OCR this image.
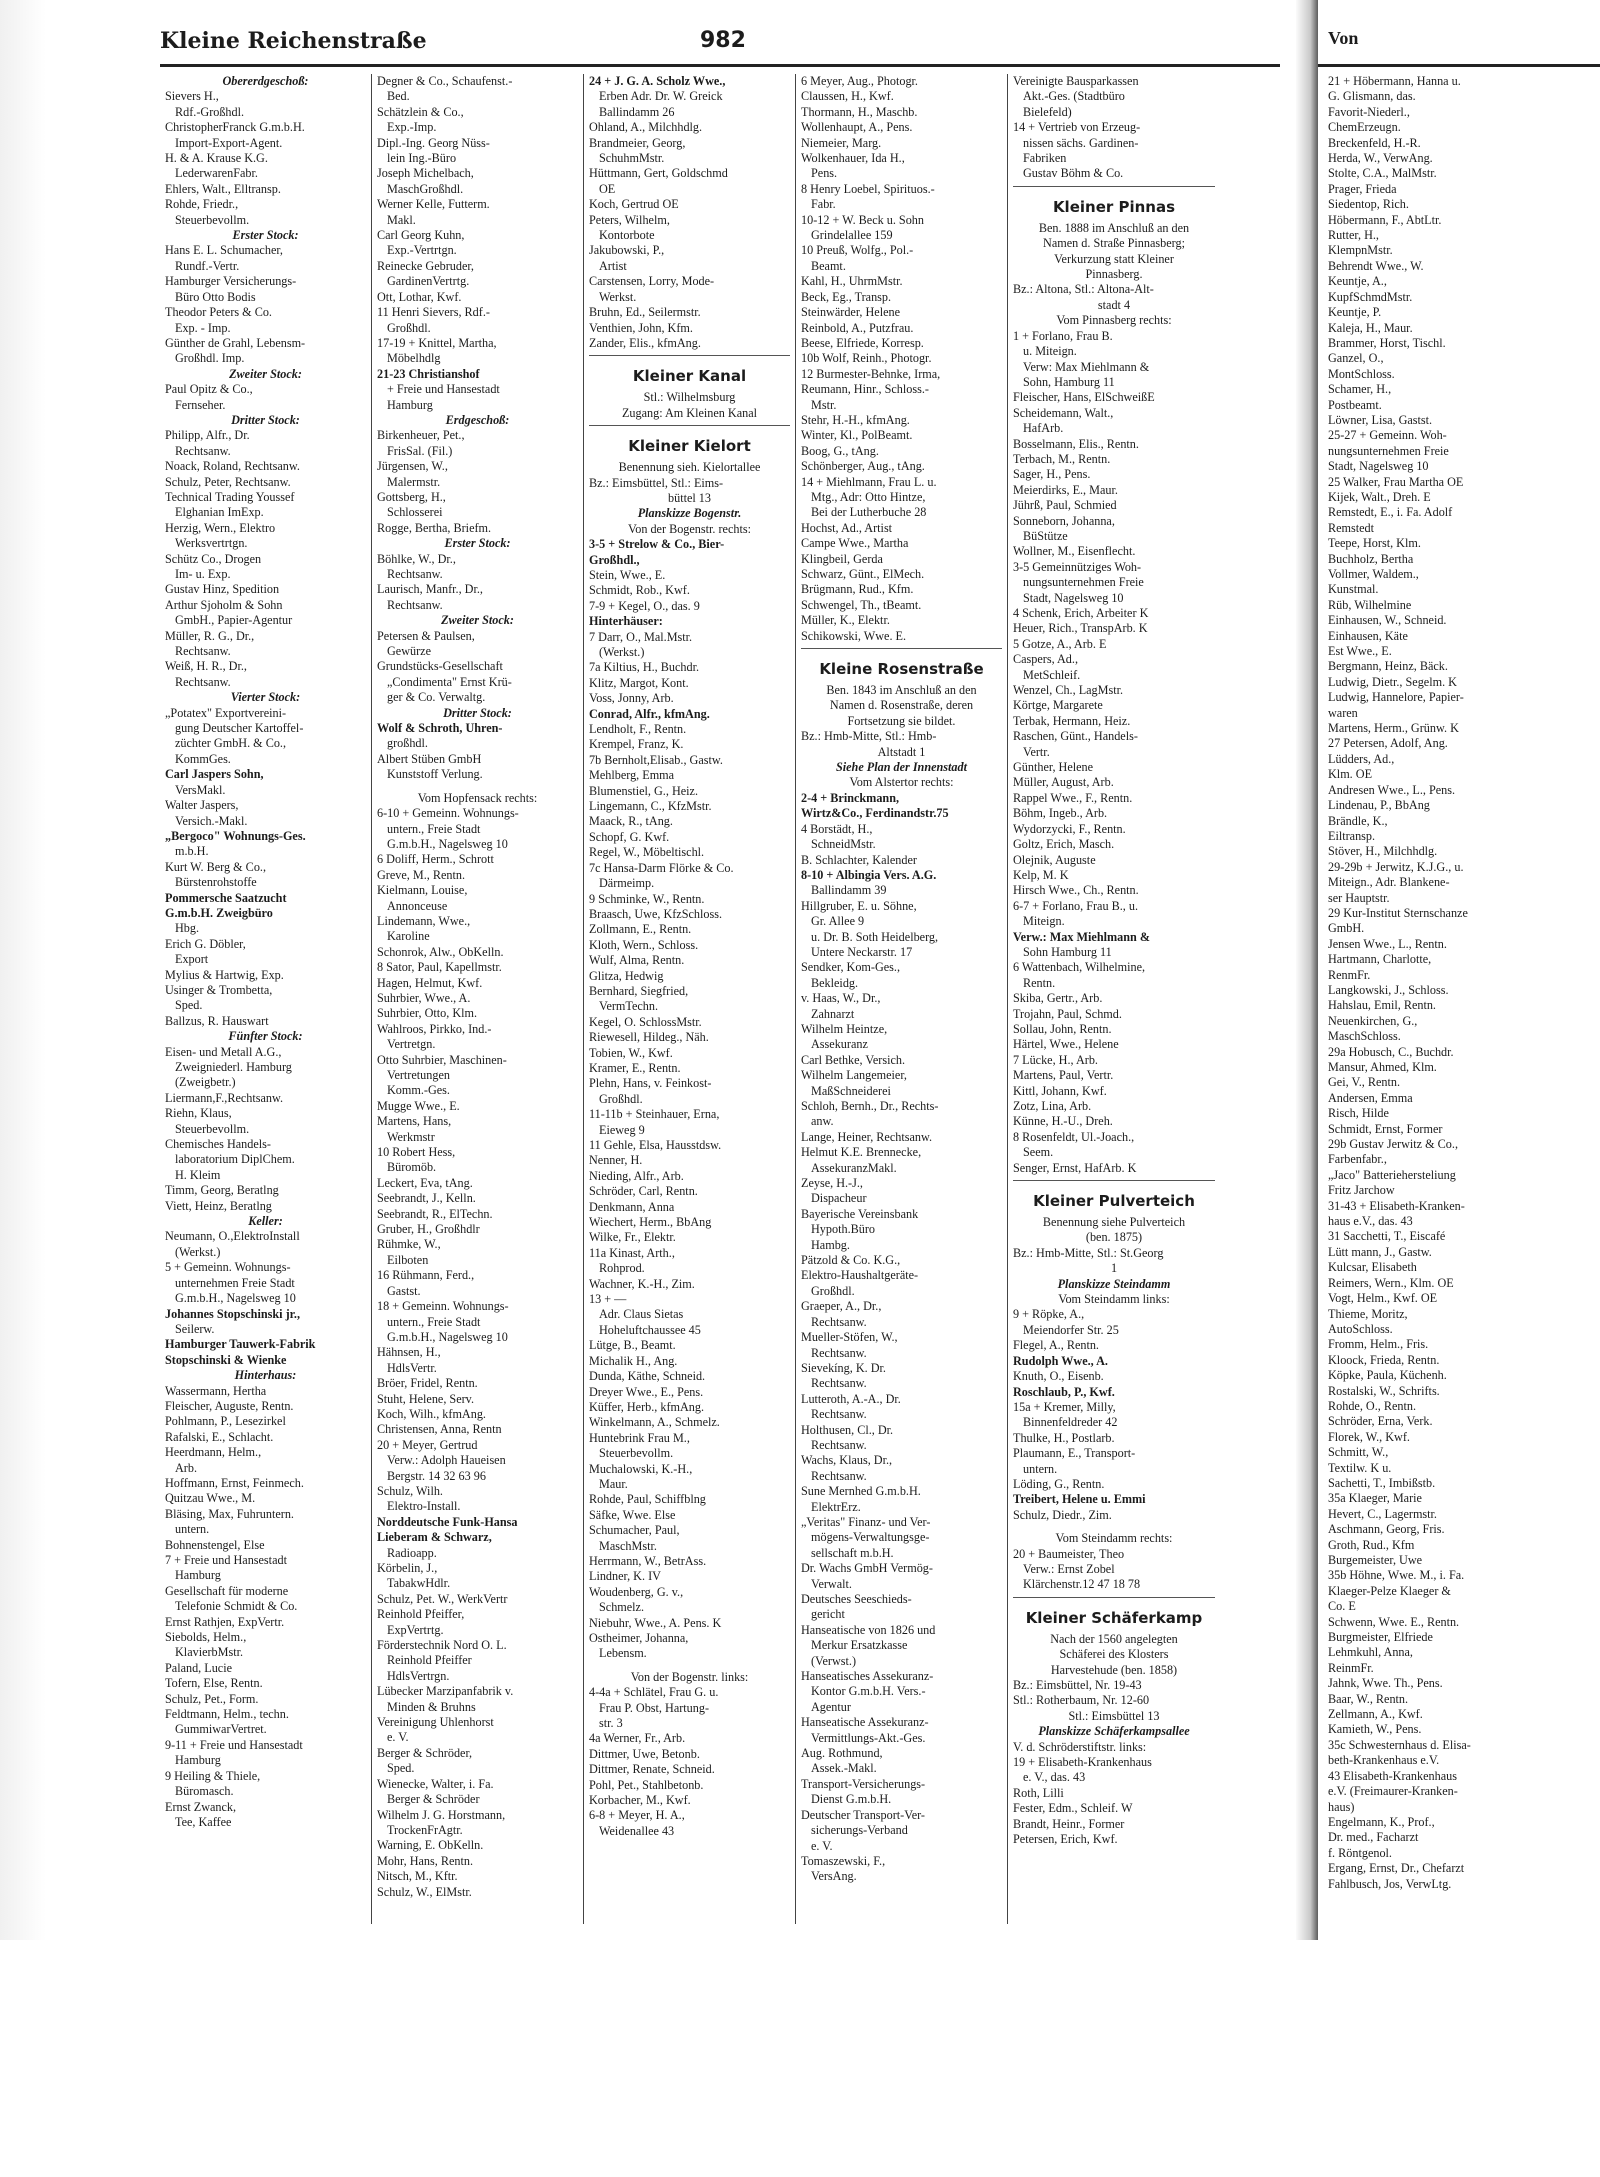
Kleine Reichenstraße	982
Obererdgeschoß:
Sievers H.,
Rdf.-Großhdl.
ChristopherFranck G.m.b.H.
Import-Export-Agent.
H. & A. Krause K.G.
LederwarenFabr.
Ehlers, Walt., Elltransp.
Rohde, Friedr.,
Steuerbevollm.
Erster Stock:
Hans E. L. Schumacher,
Rundf.-Vertr.
Hamburger Versicherungs-
Büro Otto Bodis
Theodor Peters & Co.
Exp. - Imp.
Günther de Grahl, Lebensm-
Großhdl. Imp.
Zweiter Stock:
Paul Opitz & Co.,
Fernseher.
Dritter Stock:
Philipp, Alfr., Dr.
Rechtsanw.
Noack, Roland, Rechtsanw.
Schulz, Peter, Rechtsanw.
Technical Trading Youssef
Elghanian ImExp.
Herzig, Wern., Elektro
Werksvertrtgn.
Schütz Co., Drogen
Im- u. Exp.
Gustav Hinz, Spedition
Arthur Sjoholm & Sohn
GmbH., Papier-Agentur
Müller, R. G., Dr.,
Rechtsanw.
Weiß, H. R., Dr.,
Rechtsanw.
Vierter Stock:
„Potatex" Exportvereini-
gung Deutscher Kartoffel-
züchter GmbH. & Co.,
KommGes.
Carl Jaspers Sohn,
VersMakl.
Walter Jaspers,
Versich.-Makl.
„Bergoco" Wohnungs-Ges.
m.b.H.
Kurt W. Berg & Co.,
Bürstenrohstoffe
Pommersche Saatzucht
G.m.b.H. Zweigbüro
Hbg.
Erich G. Döbler,
Export
Mylius & Hartwig, Exp.
Usinger & Trombetta,
Sped.
Ballzus, R. Hauswart
Fünfter Stock:
Eisen- und Metall A.G.,
Zweigniederl. Hamburg
(Zweigbetr.)
Liermann,F.,Rechtsanw.
Riehn, Klaus,
Steuerbevollm.
Chemisches Handels-
laboratorium DiplChem.
H. Kleim
Timm, Georg, Beratlng
Viett, Heinz, Beratlng
Keller:
Neumann, O.,ElektroInstall
(Werkst.)
5 + Gemeinn. Wohnungs-
unternehmen Freie Stadt
G.m.b.H., Nagelsweg 10
Johannes Stopschinski jr.,
Seilerw.
Hamburger Tauwerk-Fabrik
Stopschinski & Wienke
Hinterhaus:
Wassermann, Hertha
Fleischer, Auguste, Rentn.
Pohlmann, P., Lesezirkel
Rafalski, E., Schlacht.
Heerdmann, Helm.,
Arb.
Hoffmann, Ernst, Feinmech.
Quitzau Wwe., M.
Bläsing, Max, Fuhruntern.
untern.
Bohnenstengel, Else
7 + Freie und Hansestadt
Hamburg
Gesellschaft für moderne
Telefonie Schmidt & Co.
Ernst Rathjen, ExpVertr.
Siebolds, Helm.,
KlavierbMstr.
Paland, Lucie
Tofern, Else, Rentn.
Schulz, Pet., Form.
Feldtmann, Helm., techn.
GummiwarVertret.
9-11 + Freie und Hansestadt
Hamburg
9 Heiling & Thiele,
Büromasch.
Ernst Zwanck,
Tee, Kaffee
Degner & Co., Schaufenst.-
Bed.
Schätzlein & Co.,
Exp.-Imp.
Dipl.-Ing. Georg Nüss-
lein Ing.-Büro
Joseph Michelbach,
MaschGroßhdl.
Werner Kelle, Futterm.
Makl.
Carl Georg Kuhn,
Exp.-Vertrtgn.
Reinecke Gebruder,
GardinenVertrtg.
Ott, Lothar, Kwf.
11 Henri Sievers, Rdf.-
Großhdl.
17-19 + Knittel, Martha,
Möbelhdlg
21-23 Christianshof
+ Freie und Hansestadt
Hamburg
Erdgeschoß:
Birkenheuer, Pet.,
FrisSal. (Fil.)
Jürgensen, W.,
Malermstr.
Gottsberg, H.,
Schlosserei
Rogge, Bertha, Briefm.
Erster Stock:
Böhlke, W., Dr.,
Rechtsanw.
Laurisch, Manfr., Dr.,
Rechtsanw.
Zweiter Stock:
Petersen & Paulsen,
Gewürze
Grundstücks-Gesellschaft
„Condimenta" Ernst Krü-
ger & Co. Verwaltg.
Dritter Stock:
Wolf & Schroth, Uhren-
großhdl.
Albert Stüben GmbH
Kunststoff Verlung.
Vom Hopfensack rechts:
6-10 + Gemeinn. Wohnungs-
untern., Freie Stadt
G.m.b.H., Nagelsweg 10
6 Doliff, Herm., Schrott
Greve, M., Rentn.
Kielmann, Louise,
Annonceuse
Lindemann, Wwe.,
Karoline
Schonrok, Alw., ObKelln.
8 Sator, Paul, Kapellmstr.
Hagen, Helmut, Kwf.
Suhrbier, Wwe., A.
Suhrbier, Otto, Klm.
Wahlroos, Pirkko, Ind.-
Vertretgn.
Otto Suhrbier, Maschinen-
Vertretungen
Komm.-Ges.
Mugge Wwe., E.
Martens, Hans,
Werkmstr
10 Robert Hess,
Büromöb.
Leckert, Eva, tAng.
Seebrandt, J., Kelln.
Seebrandt, R., ElTechn.
Gruber, H., Großhdlr
Rühmke, W.,
Eilboten
16 Rühmann, Ferd.,
Gastst.
18 + Gemeinn. Wohnungs-
untern., Freie Stadt
G.m.b.H., Nagelsweg 10
Hähnsen, H.,
HdlsVertr.
Bröer, Fridel, Rentn.
Stuht, Helene, Serv.
Koch, Wilh., kfmAng.
Christensen, Anna, Rentn
20 + Meyer, Gertrud
Verw.: Adolph Haueisen
Bergstr. 14 32 63 96
Schulz, Wilh.
Elektro-Install.
Norddeutsche Funk-Hansa
Lieberam & Schwarz,
Radioapp.
Körbelin, J.,
TabakwHdlr.
Schulz, Pet. W., WerkVertr
Reinhold Pfeiffer,
ExpVertrtg.
Förderstechnik Nord O. L.
Reinhold Pfeiffer
HdlsVertrgn.
Lübecker Marzipanfabrik v.
Minden & Bruhns
Vereinigung Uhlenhorst
e. V.
Berger & Schröder,
Sped.
Wienecke, Walter, i. Fa.
Berger & Schröder
Wilhelm J. G. Horstmann,
TrockenFrAgtr.
Warning, E. ObKelln.
Mohr, Hans, Rentn.
Nitsch, M., Kftr.
Schulz, W., ElMstr.
24 + J. G. A. Scholz Wwe.,
Erben Adr. Dr. W. Greick
Ballindamm 26
Ohland, A., Milchhdlg.
Brandmeier, Georg,
SchuhmMstr.
Hüttmann, Gert, Goldschmd
OE
Koch, Gertrud OE
Peters, Wilhelm,
Kontorbote
Jakubowski, P.,
Artist
Carstensen, Lorry, Mode-
Werkst.
Bruhn, Ed., Seilermstr.
Venthien, John, Kfm.
Zander, Elis., kfmAng.
Kleiner Kanal
Stl.: Wilhelmsburg
Zugang: Am Kleinen Kanal
Kleiner Kielort
Benennung sieh. Kielortallee
Bz.: Eimsbüttel, Stl.: Eims-
büttel 13
Planskizze Bogenstr.
Von der Bogenstr. rechts:
3-5 + Strelow & Co., Bier-
Großhdl.,
Stein, Wwe., E.
Schmidt, Rob., Kwf.
7-9 + Kegel, O., das. 9
Hinterhäuser:
7 Darr, O., Mal.Mstr.
(Werkst.)
7a Kiltius, H., Buchdr.
Klitz, Margot, Kont.
Voss, Jonny, Arb.
Conrad, Alfr., kfmAng.
Lendholt, F., Rentn.
Krempel, Franz, K.
7b Bernholt,Elisab., Gastw.
Mehlberg, Emma
Blumenstiel, G., Heiz.
Lingemann, C., KfzMstr.
Maack, R., tAng.
Schopf, G. Kwf.
Regel, W., Möbeltischl.
7c Hansa-Darm Flörke & Co.
Därmeimp.
9 Schminke, W., Rentn.
Braasch, Uwe, KfzSchloss.
Zollmann, E., Rentn.
Kloth, Wern., Schloss.
Wulf, Alma, Rentn.
Glitza, Hedwig
Bernhard, Siegfried,
VermTechn.
Kegel, O. SchlossMstr.
Riewesell, Hildeg., Näh.
Tobien, W., Kwf.
Kramer, E., Rentn.
Plehn, Hans, v. Feinkost-
Großhdl.
11-11b + Steinhauer, Erna,
Eieweg 9
11 Gehle, Elsa, Hausstdsw.
Nenner, H.
Nieding, Alfr., Arb.
Schröder, Carl, Rentn.
Denkmann, Anna
Wiechert, Herm., BbAng
Wilke, Fr., Elektr.
11a Kinast, Arth.,
Rohprod.
Wachner, K.-H., Zim.
13 + —
Adr. Claus Sietas
Hoheluftchaussee 45
Lütge, B., Beamt.
Michalik H., Ang.
Dunda, Käthe, Schneid.
Dreyer Wwe., E., Pens.
Küffer, Herb., kfmAng.
Winkelmann, A., Schmelz.
Huntebrink Frau M.,
Steuerbevollm.
Muchalowski, K.-H.,
Maur.
Rohde, Paul, Schiffblng
Säfke, Wwe. Else
Schumacher, Paul,
MaschMstr.
Herrmann, W., BetrAss.
Lindner, K. IV
Woudenberg, G. v.,
Schmelz.
Niebuhr, Wwe., A. Pens. K
Ostheimer, Johanna,
Lebensm.
Von der Bogenstr. links:
4-4a + Schlätel, Frau G. u.
Frau P. Obst, Hartung-
str. 3
4a Werner, Fr., Arb.
Dittmer, Uwe, Betonb.
Dittmer, Renate, Schneid.
Pohl, Pet., Stahlbetonb.
Korbacher, M., Kwf.
6-8 + Meyer, H. A.,
Weidenallee 43
6 Meyer, Aug., Photogr.
Claussen, H., Kwf.
Thormann, H., Maschb.
Wollenhaupt, A., Pens.
Niemeier, Marg.
Wolkenhauer, Ida H.,
Pens.
8 Henry Loebel, Spirituos.-
Fabr.
10-12 + W. Beck u. Sohn
Grindelallee 159
10 Preuß, Wolfg., Pol.-
Beamt.
Kahl, H., UhrmMstr.
Beck, Eg., Transp.
Steinwärder, Helene
Reinbold, A., Putzfrau.
Beese, Elfriede, Korresp.
10b Wolf, Reinh., Photogr.
12 Burmester-Behnke, Irma,
Reumann, Hinr., Schloss.-
Mstr.
Stehr, H.-H., kfmAng.
Winter, Kl., PolBeamt.
Boog, G., tAng.
Schönberger, Aug., tAng.
14 + Miehlmann, Frau L. u.
Mtg., Adr: Otto Hintze,
Bei der Lutherbuche 28
Hochst, Ad., Artist
Campe Wwe., Martha
Klingbeil, Gerda
Schwarz, Günt., ElMech.
Brügmann, Rud., Kfm.
Schwengel, Th., tBeamt.
Müller, K., Elektr.
Schikowski, Wwe. E.
Kleine Rosenstraße
Ben. 1843 im Anschluß an den
Namen d. Rosenstraße, deren
Fortsetzung sie bildet.
Bz.: Hmb-Mitte, Stl.: Hmb-
Altstadt 1
Siehe Plan der Innenstadt
Vom Alstertor rechts:
2-4 + Brinckmann,
Wirtz&Co., Ferdinandstr.75
4 Borstädt, H.,
SchneidMstr.
B. Schlachter, Kalender
8-10 + Albingia Vers. A.G.
Ballindamm 39
Hillgruber, E. u. Söhne,
Gr. Allee 9
u. Dr. B. Soth Heidelberg,
Untere Neckarstr. 17
Sendker, Kom-Ges.,
Bekleidg.
v. Haas, W., Dr.,
Zahnarzt
Wilhelm Heintze,
Assekuranz
Carl Bethke, Versich.
Wilhelm Langemeier,
MaßSchneiderei
Schloh, Bernh., Dr., Rechts-
anw.
Lange, Heiner, Rechtsanw.
Helmut K.E. Brennecke,
AssekuranzMakl.
Zeyse, H.-J.,
Dispacheur
Bayerische Vereinsbank
Hypoth.Büro
Hambg.
Pätzold & Co. K.G.,
Elektro-Haushaltgeräte-
Großhdl.
Graeper, A., Dr.,
Rechtsanw.
Mueller-Stöfen, W.,
Rechtsanw.
Sievekíng, K. Dr.
Rechtsanw.
Lutteroth, A.-A., Dr.
Rechtsanw.
Holthusen, Cl., Dr.
Rechtsanw.
Wachs, Klaus, Dr.,
Rechtsanw.
Sune Mernhed G.m.b.H.
ElektrErz.
„Veritas" Finanz- und Ver-
mögens-Verwaltungsge-
sellschaft m.b.H.
Dr. Wachs GmbH Vermög-
Verwalt.
Deutsches Seeschieds-
gericht
Hanseatische von 1826 und
Merkur Ersatzkasse
(Verwst.)
Hanseatisches Assekuranz-
Kontor G.m.b.H. Vers.-
Agentur
Hanseatische Assekuranz-
Vermittlungs-Akt.-Ges.
Aug. Rothmund,
Assek.-Makl.
Transport-Versicherungs-
Dienst G.m.b.H.
Deutscher Transport-Ver-
sicherungs-Verband
e. V.
Tomaszewski, F.,
VersAng.
Vereinigte Bausparkassen
Akt.-Ges. (Stadtbüro
Bielefeld)
14 + Vertrieb von Erzeug-
nissen sächs. Gardinen-
Fabriken
Gustav Böhm & Co.
Kleiner Pinnas
Ben. 1888 im Anschluß an den
Namen d. Straße Pinnasberg;
Verkurzung statt Kleiner
Pinnasberg.
Bz.: Altona, Stl.: Altona-Alt-
stadt 4
Vom Pinnasberg rechts:
1 + Forlano, Frau B.
u. Miteign.
Verw: Max Miehlmann &
Sohn, Hamburg 11
Fleischer, Hans, ElSchweißE
Scheidemann, Walt.,
HafArb.
Bosselmann, Elis., Rentn.
Terbach, M., Rentn.
Sager, H., Pens.
Meierdirks, E., Maur.
Jührß, Paul, Schmied
Sonneborn, Johanna,
BüStütze
Wollner, M., Eisenflecht.
3-5 Gemeinnütziges Woh-
nungsunternehmen Freie
Stadt, Nagelsweg 10
4 Schenk, Erich, Arbeiter K
Heuer, Rich., TranspArb. K
5 Gotze, A., Arb. E
Caspers, Ad.,
MetSchleif.
Wenzel, Ch., LagMstr.
Körtge, Margarete
Terbak, Hermann, Heiz.
Raschen, Günt., Handels-
Vertr.
Günther, Helene
Müller, August, Arb.
Rappel Wwe., F., Rentn.
Böhm, Ingeb., Arb.
Wydorzycki, F., Rentn.
Goltz, Erich, Masch.
Olejnik, Auguste
Kelp, M. K
Hirsch Wwe., Ch., Rentn.
6-7 + Forlano, Frau B., u.
Miteign.
Verw.: Max Miehlmann &
Sohn Hamburg 11
6 Wattenbach, Wilhelmine,
Rentn.
Skiba, Gertr., Arb.
Trojahn, Paul, Schmd.
Sollau, John, Rentn.
Härtel, Wwe., Helene
7 Lücke, H., Arb.
Martens, Paul, Vertr.
Kittl, Johann, Kwf.
Zotz, Lina, Arb.
Künne, H.-U., Dreh.
8 Rosenfeldt, Ul.-Joach.,
Seem.
Senger, Ernst, HafArb. K
Kleiner Pulverteich
Benennung siehe Pulverteich
(ben. 1875)
Bz.: Hmb-Mitte, Stl.: St.Georg
1
Planskizze Steindamm
Vom Steindamm links:
9 + Röpke, A.,
Meiendorfer Str. 25
Flegel, A., Rentn.
Rudolph Wwe., A.
Knuth, O., Eisenb.
Roschlaub, P., Kwf.
15a + Kremer, Milly,
Binnenfeldreder 42
Thulke, H., Postlarb.
Plaumann, E., Transport-
untern.
Löding, G., Rentn.
Treibert, Helene u. Emmi
Schulz, Diedr., Zim.
Vom Steindamm rechts:
20 + Baumeister, Theo
Verw.: Ernst Zobel
Klärchenstr.12 47 18 78
Kleiner Schäferkamp
Nach der 1560 angelegten
Schäferei des Klosters
Harvestehude (ben. 1858)
Bz.: Eimsbüttel, Nr. 19-43
Stl.: Rotherbaum, Nr. 12-60
Stl.: Eimsbüttel 13
Planskizze Schäferkampsallee
V. d. Schröderstiftstr. links:
19 + Elisabeth-Krankenhaus
e. V., das. 43
Roth, Lilli
Fester, Edm., Schleif. W
Brandt, Heinr., Former
Petersen, Erich, Kwf.
Von
21 + Höbermann, Hanna u.
G. Glismann, das.
Favorit-Niederl.,
ChemErzeugn.
Breckenfeld, H.-R.
Herda, W., VerwAng.
Stolte, C.A., MalMstr.
Prager, Frieda
Siedentop, Rich.
Höbermann, F., AbtLtr.
Rutter, H.,
KlempnMstr.
Behrendt Wwe., W.
Keuntje, A.,
KupfSchmdMstr.
Keuntje, P.
Kaleja, H., Maur.
Brammer, Horst, Tischl.
Ganzel, O.,
MontSchloss.
Schamer, H.,
Postbeamt.
Löwner, Lisa, Gastst.
25-27 + Gemeinn. Woh-
nungsunternehmen Freie
Stadt, Nagelsweg 10
25 Walker, Frau Martha OE
Kijek, Walt., Dreh. E
Remstedt, E., i. Fa. Adolf
Remstedt
Teepe, Horst, Klm.
Buchholz, Bertha
Vollmer, Waldem.,
Kunstmal.
Rüb, Wilhelmine
Einhausen, W., Schneid.
Einhausen, Käte
Est Wwe., E.
Bergmann, Heinz, Bäck.
Ludwig, Dietr., Segelm. K
Ludwig, Hannelore, Papier-
waren
Martens, Herm., Grünw. K
27 Petersen, Adolf, Ang.
Lüdders, Ad.,
Klm. OE
Andresen Wwe., L., Pens.
Lindenau, P., BbAng
Brändle, K.,
Eiltransp.
Stöver, H., Milchhdlg.
29-29b + Jerwitz, K.J.G., u.
Miteign., Adr. Blankene-
ser Hauptstr.
29 Kur-Institut Sternschanze
GmbH.
Jensen Wwe., L., Rentn.
Hartmann, Charlotte,
RenmFr.
Langkowski, J., Schloss.
Hahslau, Emil, Rentn.
Neuenkirchen, G.,
MaschSchloss.
29a Hobusch, C., Buchdr.
Mansur, Ahmed, Klm.
Gei, V., Rentn.
Andersen, Emma
Risch, Hilde
Schmidt, Ernst, Former
29b Gustav Jerwitz & Co.,
Farbenfabr.,
„Jaco" Batteriehersteliung
Fritz Jarchow
31-43 + Elisabeth-Kranken-
haus e.V., das. 43
31 Sacchetti, T., Eiscafé
Lütt mann, J., Gastw.
Kulcsar, Elisabeth
Reimers, Wern., Klm. OE
Vogt, Helm., Kwf. OE
Thieme, Moritz,
AutoSchloss.
Fromm, Helm., Fris.
Kloock, Frieda, Rentn.
Köpke, Paula, Küchenh.
Rostalski, W., Schrifts.
Rohde, O., Rentn.
Schröder, Erna, Verk.
Florek, W., Kwf.
Schmitt, W.,
Textilw. K u.
Sachetti, T., Imbißstb.
35a Klaeger, Marie
Hevert, C., Lagermstr.
Aschmann, Georg, Fris.
Groth, Rud., Kfm
Burgemeister, Uwe
35b Höhne, Wwe. M., i. Fa.
Klaeger-Pelze Klaeger &
Co. E
Schwenn, Wwe. E., Rentn.
Burgmeister, Elfriede
Lehmkuhl, Anna,
ReinmFr.
Jahnk, Wwe. Th., Pens.
Baar, W., Rentn.
Zellmann, A., Kwf.
Kamieth, W., Pens.
35c Schwesternhaus d. Elisa-
beth-Krankenhaus e.V.
43 Elisabeth-Krankenhaus
e.V. (Freimaurer-Kranken-
haus)
Engelmann, K., Prof.,
Dr. med., Facharzt
f. Röntgenol.
Ergang, Ernst, Dr., Chefarzt
Fahlbusch, Jos, VerwLtg.
